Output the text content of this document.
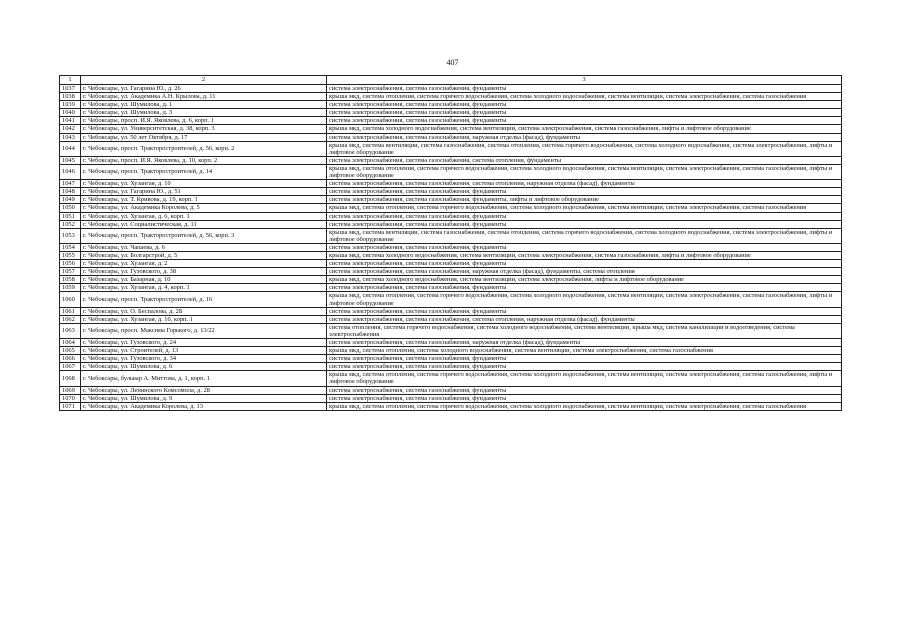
407
1	2	3
1037	г. Чебоксары, ул. Гагарина Ю., д. 26	система электроснабжения, система газоснабжения, фундаменты
1038	г. Чебоксары, ул. Академика А.Н. Крылова, д. 11	крыша мкд, система отопления, система горячего водоснабжения, система холодного водоснабжения, система вентиляции, система электроснабжения, система газоснабжения
1039	г. Чебоксары, ул. Шумилова, д. 1	система электроснабжения, система газоснабжения, фундаменты
1040	г. Чебоксары, ул. Шумилова, д. 3	система электроснабжения, система газоснабжения, фундаменты
1041	г. Чебоксары, просп. И.Я. Яковлева, д. 6, корп. 1	система электроснабжения, система газоснабжения, фундаменты
1042	г. Чебоксары, ул. Университетская, д. 38, корп. 3	крыша мкд, система холодного водоснабжения, система вентиляции, система электроснабжения, система газоснабжения, лифты и лифтовое оборудование
1043	г. Чебоксары, ул. 50 лет Октября, д. 17	система электроснабжения, система газоснабжения, наружная отделка (фасад), фундаменты
1044	г. Чебоксары, просп. Тракторостроителей, д. 56, корп. 2	крыша мкд, система вентиляции, система газоснабжения, система отопления, система горячего водоснабжения, система холодного водоснабжения, система электроснабжения, лифты и лифтовое оборудование
1045	г. Чебоксары, просп. И.Я. Яковлева, д. 10, корп. 2	система электроснабжения, система газоснабжения, система отопления, фундаменты
1046	г. Чебоксары, просп. Тракторостроителей, д. 14	крыша мкд, система отопления, система горячего водоснабжения, система холодного водоснабжения, система вентиляции, система электроснабжения, система газоснабжения, лифты и лифтовое оборудование
1047	г. Чебоксары, ул. Хузангая, д. 10	система электроснабжения, система газоснабжения, система отопления, наружная отделка (фасад), фундаменты
1048	г. Чебоксары, ул. Гагарина Ю., д. 51	система электроснабжения, система газоснабжения, фундаменты
1049	г. Чебоксары, ул. Т. Кривова, д. 19, корп. 1	система электроснабжения, система газоснабжения, фундаменты, лифты и лифтовое оборудование
1050	г. Чебоксары, ул. Академика Королева, д. 5	крыша мкд, система отопления, система горячего водоснабжения, система холодного водоснабжения, система вентиляции, система электроснабжения, система газоснабжения
1051	г. Чебоксары, ул. Хузангая, д. 6, корп. 1	система электроснабжения, система газоснабжения, фундаменты
1052	г. Чебоксары, ул. Социалистическая, д. 11	система электроснабжения, система газоснабжения, фундаменты
1053	г. Чебоксары, просп. Тракторостроителей, д. 56, корп. 3	крыша мкд, система вентиляции, система газоснабжения, система отопления, система горячего водоснабжения, система холодного водоснабжения, система электроснабжения, лифты и лифтовое оборудование
1054	г. Чебоксары, ул. Чапаева, д. 6	система электроснабжения, система газоснабжения, фундаменты
1055	г. Чебоксары, ул. Болгарстрой, д. 5	крыша мкд, система холодного водоснабжения, система вентиляции, система электроснабжения, система газоснабжения, лифты и лифтовое оборудование
1056	г. Чебоксары, ул. Хузангая, д. 2	система электроснабжения, система газоснабжения, фундаменты
1057	г. Чебоксары, ул. Гузовского, д. 38	система электроснабжения, система газоснабжения, наружная отделка (фасад), фундаменты, система отопления
1058	г. Чебоксары, ул. Базарная, д. 10	крыша мкд, система холодного водоснабжения, система вентиляции, система электроснабжения, лифты и лифтовое оборудование
1059	г. Чебоксары, ул. Хузангая, д. 4, корп. 1	система электроснабжения, система газоснабжения, фундаменты
1060	г. Чебоксары, просп. Тракторостроителей, д. 16	крыша мкд, система отопления, система горячего водоснабжения, система холодного водоснабжения, система вентиляции, система электроснабжения, система газоснабжения, лифты и лифтовое оборудование
1061	г. Чебоксары, ул. О. Беспалова, д. 2Б	система электроснабжения, система газоснабжения, фундаменты
1062	г. Чебоксары, ул. Хузангая, д. 10, корп. 1	система электроснабжения, система газоснабжения, система отопления, наружная отделка (фасад), фундаменты
1063	г. Чебоксары, просп. Максима Горького, д. 13/22	система отопления, система горячего водоснабжения, система холодного водоснабжения, система вентиляции, крыша мкд, система канализации и водоотведения, система электроснабжения
1064	г. Чебоксары, ул. Гузовского, д. 24	система электроснабжения, система газоснабжения, наружная отделка (фасад), фундаменты
1065	г. Чебоксары, ул. Строителей, д. 13	крыша мкд, система отопления, система холодного водоснабжения, система вентиляции, система электроснабжения, система газоснабжения
1066	г. Чебоксары, ул. Гузовского, д. 34	система электроснабжения, система газоснабжения, фундаменты
1067	г. Чебоксары, ул. Шумилова, д. 6	система электроснабжения, система газоснабжения, фундаменты
1068	г. Чебоксары, бульвар А. Миттова, д. 1, корп. 1	крыша мкд, система отопления, система горячего водоснабжения, система холодного водоснабжения, система вентиляции, система электроснабжения, система газоснабжения, лифты и лифтовое оборудование
1069	г. Чебоксары, ул. Ленинского Комсомола, д. 28	система электроснабжения, система газоснабжения, фундаменты
1070	г. Чебоксары, ул. Шумилова, д. 9	система электроснабжения, система газоснабжения, фундаменты
1071	г. Чебоксары, ул. Академика Королева, д. 13	крыша мкд, система отопления, система горячего водоснабжения, система холодного водоснабжения, система вентиляции, система электроснабжения, система газоснабжения
